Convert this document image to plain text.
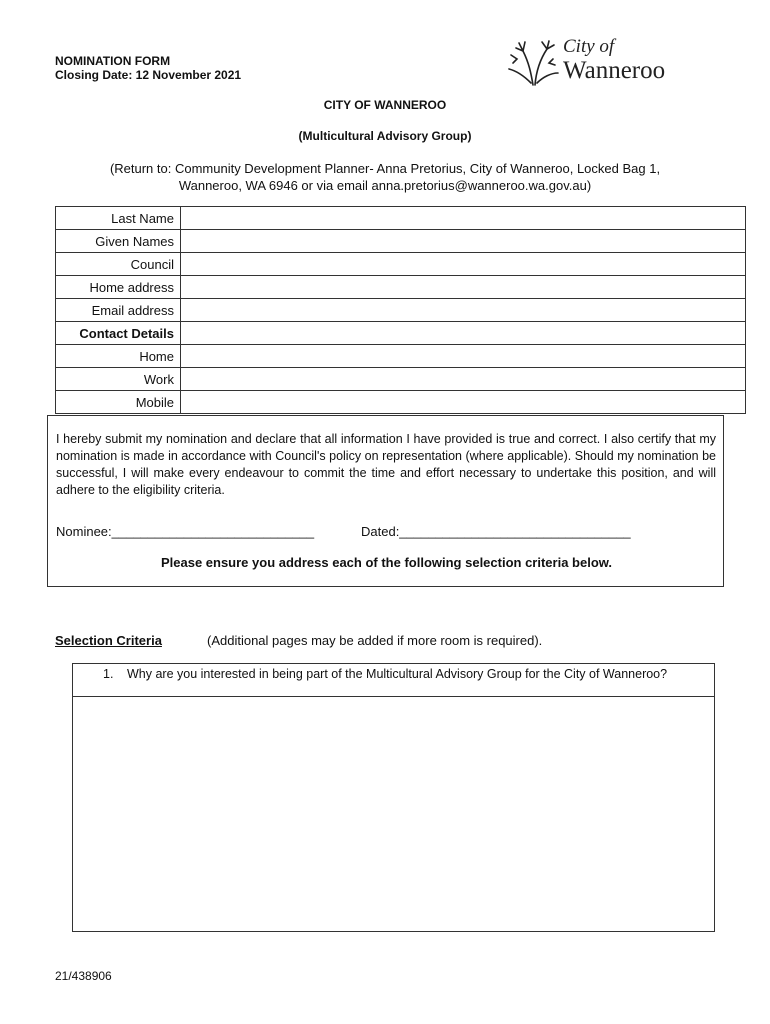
NOMINATION FORM
Closing Date: 12 November 2021
City of
Wanneroo
CITY OF WANNEROO
(Multicultural Advisory Group)
(Return to: Community Development Planner- Anna Pretorius, City of Wanneroo, Locked Bag 1,
Wanneroo, WA 6946 or via email anna.pretorius@wanneroo.wa.gov.au)
Last Name	
Given Names	
Council	
Home address	
Email address	
Contact Details	
Home	
Work	
Mobile	
I hereby submit my nomination and declare that all information I have provided is true and correct. I also certify that my nomination is made in accordance with Council's policy on representation (where applicable). Should my nomination be successful, I will make every endeavour to commit the time and effort necessary to undertake this position, and will adhere to the eligibility criteria.
Nominee:____________________________	Dated:________________________________
Please ensure you address each of the following selection criteria below.
Selection Criteria	(Additional pages may be added if more room is required).
1. Why are you interested in being part of the Multicultural Advisory Group for the City of Wanneroo?
21/438906
